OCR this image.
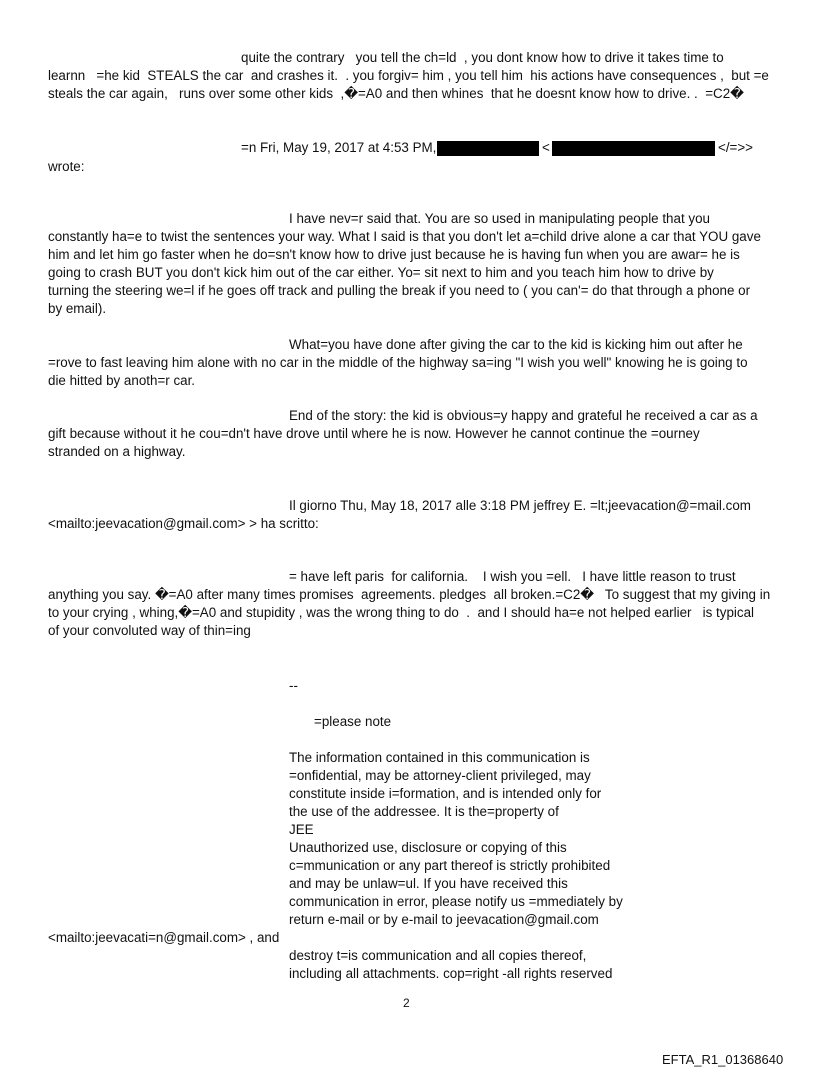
quite the contrary   you tell the ch=ld  , you dont know how to drive it takes time to
learnn   =he kid  STEALS the car  and crashes it.  . you forgiv= him , you tell him  his actions have consequences ,  but =e
steals the car again,   runs over some other kids  ,�=A0 and then whines  that he doesnt know how to drive. .  =C2�
=n Fri, May 19, 2017 at 4:53 PM,	<	</=>>
wrote:
I have nev=r said that. You are so used in manipulating people that you
constantly ha=e to twist the sentences your way. What I said is that you don't let a=child drive alone a car that YOU gave
him and let him go faster when he do=sn't know how to drive just because he is having fun when you are awar= he is
going to crash BUT you don't kick him out of the car either. Yo= sit next to him and you teach him how to drive by
turning the steering we=l if he goes off track and pulling the break if you need to ( you can'= do that through a phone or
by email).
What=you have done after giving the car to the kid is kicking him out after he
=rove to fast leaving him alone with no car in the middle of the highway sa=ing "I wish you well" knowing he is going to
die hitted by anoth=r car.
End of the story: the kid is obvious=y happy and grateful he received a car as a
gift because without it he cou=dn't have drove until where he is now. However he cannot continue the =ourney
stranded on a highway.
Il giorno Thu, May 18, 2017 alle 3:18 PM jeffrey E. =lt;jeevacation@=mail.com
<mailto:jeevacation@gmail.com> > ha scritto:
= have left paris  for california.    I wish you =ell.   I have little reason to trust
anything you say. �=A0 after many times promises  agreements. pledges  all broken.=C2�   To suggest that my giving in
to your crying , whing,�=A0 and stupidity , was the wrong thing to do  .  and I should ha=e not helped earlier   is typical
of your convoluted way of thin=ing
--
=please note
The information contained in this communication is
=onfidential, may be attorney-client privileged, may
constitute inside i=formation, and is intended only for
the use of the addressee. It is the=property of
JEE
Unauthorized use, disclosure or copying of this
c=mmunication or any part thereof is strictly prohibited
and may be unlaw=ul. If you have received this
communication in error, please notify us =mmediately by
return e-mail or by e-mail to jeevacation@gmail.com
<mailto:jeevacati=n@gmail.com> , and
destroy t=is communication and all copies thereof,
including all attachments. cop=right -all rights reserved
2
EFTA_R1_01368640
